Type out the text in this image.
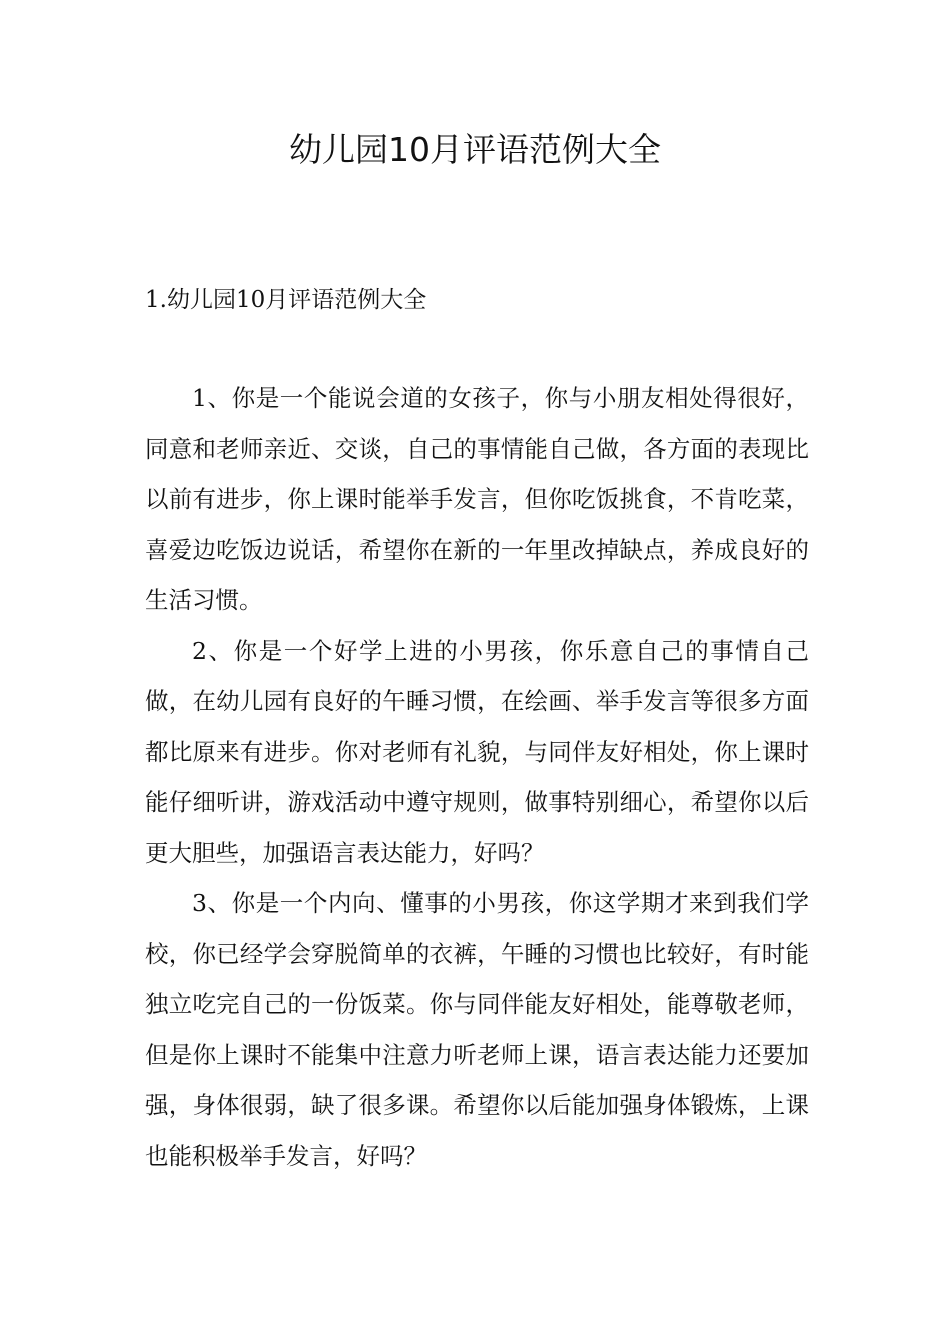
幼儿园10月评语范例大全
1.幼儿园10月评语范例大全

1、你是一个能说会道的女孩子，你与小朋友相处得很好，同意和老师亲近、交谈，自己的事情能自己做，各方面的表现比以前有进步，你上课时能举手发言，但你吃饭挑食，不肯吃菜，喜爱边吃饭边说话，希望你在新的一年里改掉缺点，养成良好的生活习惯。

2、你是一个好学上进的小男孩，你乐意自己的事情自己做，在幼儿园有良好的午睡习惯，在绘画、举手发言等很多方面都比原来有进步。你对老师有礼貌，与同伴友好相处，你上课时能仔细听讲，游戏活动中遵守规则，做事特别细心，希望你以后更大胆些，加强语言表达能力，好吗？

3、你是一个内向、懂事的小男孩，你这学期才来到我们学校，你已经学会穿脱简单的衣裤，午睡的习惯也比较好，有时能独立吃完自己的一份饭菜。你与同伴能友好相处，能尊敬老师，但是你上课时不能集中注意力听老师上课，语言表达能力还要加强，身体很弱，缺了很多课。希望你以后能加强身体锻炼，上课也能积极举手发言，好吗？
